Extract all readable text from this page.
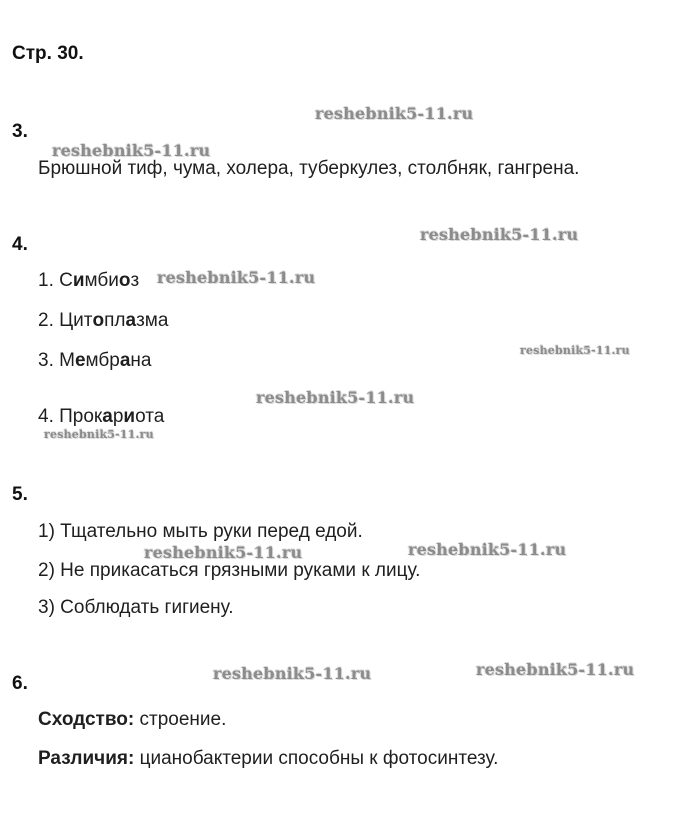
Стр. 30.
3.
Брюшной тиф, чума, холера, туберкулез, столбняк, гангрена.
4.
1. Симбиоз
2. Цитоплазма
3. Мембрана
4. Прокариота
5.
1) Тщательно мыть руки перед едой.
2) Не прикасаться грязными руками к лицу.
3) Соблюдать гигиену.
6.
Сходство: строение.
Различия: цианобактерии способны к фотосинтезу.
reshebnik5-11.ru
reshebnik5-11.ru
reshebnik5-11.ru
reshebnik5-11.ru
reshebnik5-11.ru
reshebnik5-11.ru
reshebnik5-11.ru
reshebnik5-11.ru	reshebnik5-11.ru
reshebnik5-11.ru	reshebnik5-11.ru
